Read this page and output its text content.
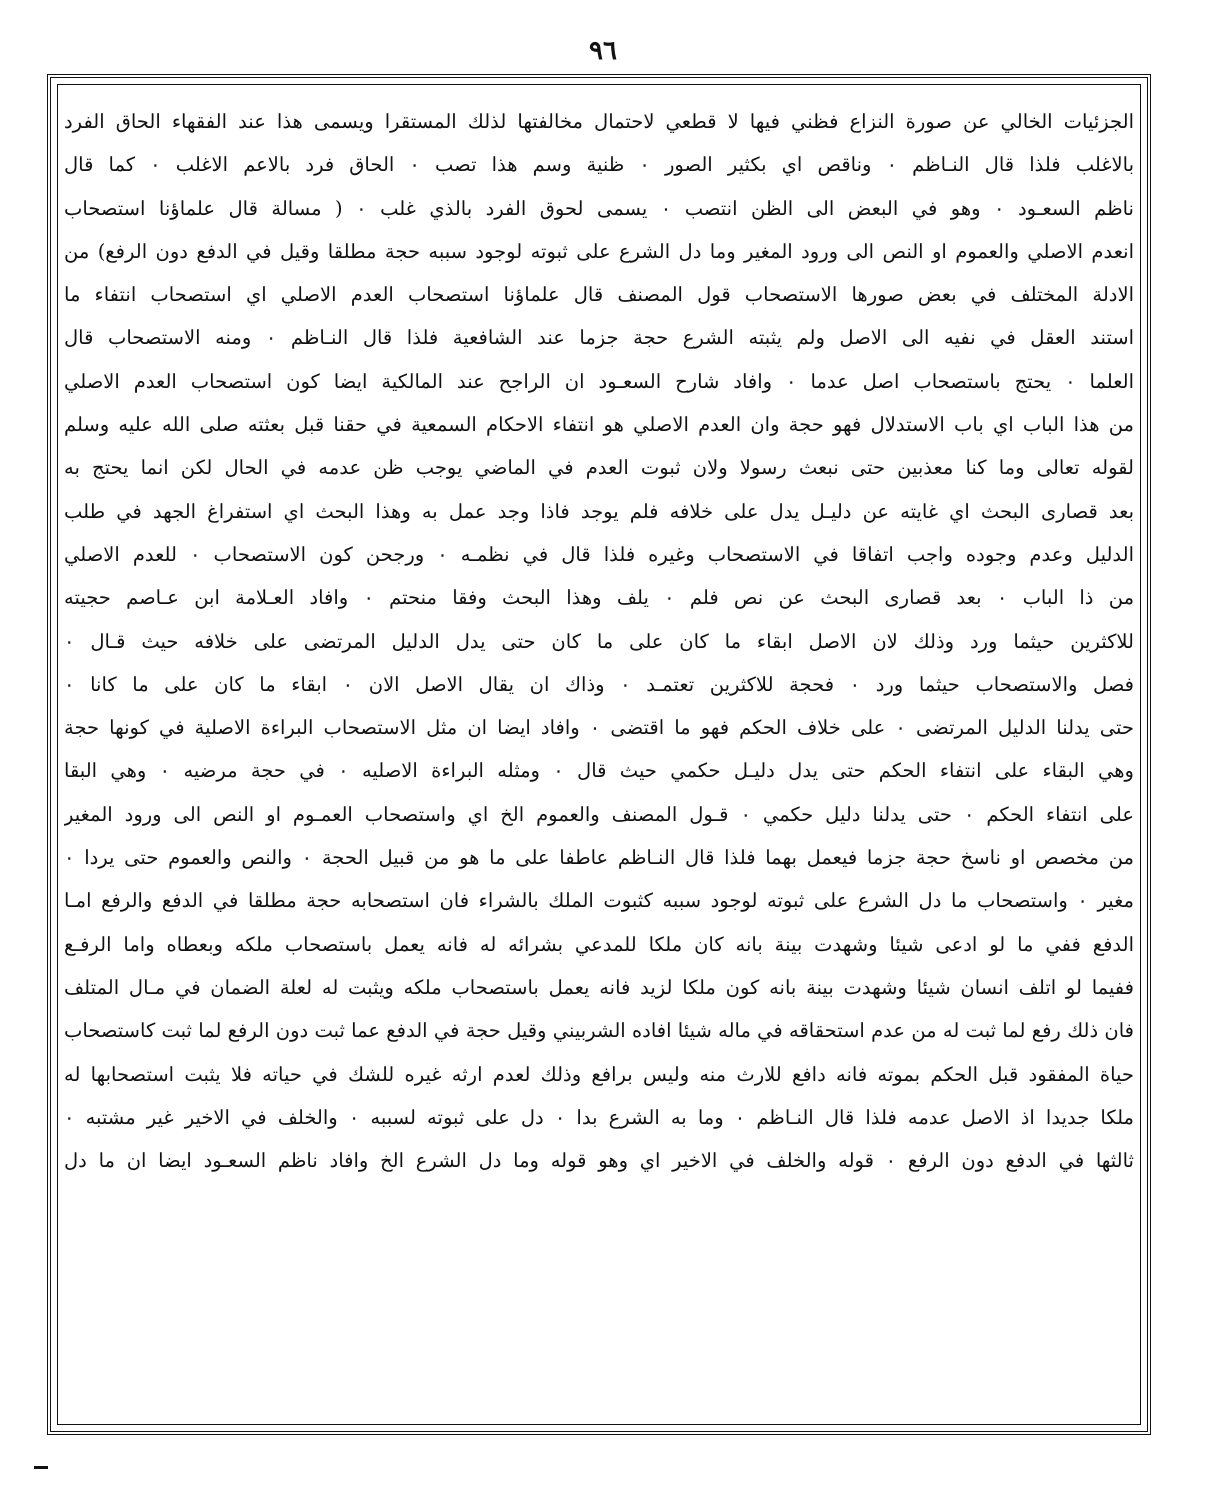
٩٦
الجزئيات الخالي عن صورة النزاع فظني فيها لا قطعي لاحتمال مخالفتها لذلك المستقرا ويسمى هذا عند الفقهاء الحاق الفرد
بالاغلب فلذا قال النـاظم ٠ وناقص اي بكثير الصور ٠ ظنية وسم هذا تصب ٠ الحاق فرد بالاعم الاغلب ٠ كما قال
ناظم السعـود ٠ وهو في البعض الى الظن انتصب ٠ يسمى لحوق الفرد بالذي غلب ٠ ( مسالة قال علماؤنا استصحاب
انعدم الاصلي والعموم او النص الى ورود المغير وما دل الشرع على ثبوته لوجود سببه حجة مطلقا وقيل في الدفع دون الرفع) من
الادلة المختلف في بعض صورها الاستصحاب قول المصنف قال علماؤنا استصحاب العدم الاصلي اي استصحاب انتفاء ما
استند العقل في نفيه الى الاصل ولم يثبته الشرع حجة جزما عند الشافعية فلذا قال النـاظم ٠ ومنه الاستصحاب قال
العلما ٠ يحتج باستصحاب اصل عدما ٠ وافاد شارح السعـود ان الراجح عند المالكية ايضا كون استصحاب العدم الاصلي
من هذا الباب اي باب الاستدلال فهو حجة وان العدم الاصلي هو انتفاء الاحكام السمعية في حقنا قبل بعثته صلى الله عليه وسلم
لقوله تعالى وما كنا معذبين حتى نبعث رسولا ولان ثبوت العدم في الماضي يوجب ظن عدمه في الحال لكن انما يحتج به
بعد قصارى البحث اي غايته عن دليـل يدل على خلافه فلم يوجد فاذا وجد عمل به وهذا البحث اي استفراغ الجهد في طلب
الدليل وعدم وجوده واجب اتفاقا في الاستصحاب وغيره فلذا قال في نظمـه ٠ ورجحن كون الاستصحاب ٠ للعدم الاصلي
من ذا الباب ٠ بعد قصارى البحث عن نص فلم ٠ يلف وهذا البحث وفقا منحتم ٠ وافاد العـلامة ابن عـاصم حجيته
للاكثرين حيثما ورد وذلك لان الاصل ابقاء ما كان على ما كان حتى يدل الدليل المرتضى على خلافه حيث قـال ٠
فصل والاستصحاب حيثما ورد ٠ فحجة للاكثرين تعتمـد ٠ وذاك ان يقال الاصل الان ٠ ابقاء ما كان على ما كانا ٠
حتى يدلنا الدليل المرتضى ٠ على خلاف الحكم فهو ما اقتضى ٠ وافاد ايضا ان مثل الاستصحاب البراءة الاصلية في كونها حجة
وهي البقاء على انتفاء الحكم حتى يدل دليـل حكمي حيث قال ٠ ومثله البراءة الاصليه ٠ في حجة مرضيه ٠ وهي البقا
على انتفاء الحكم ٠ حتى يدلنا دليل حكمي ٠ قـول المصنف والعموم الخ اي واستصحاب العمـوم او النص الى ورود المغير
من مخصص او ناسخ حجة جزما فيعمل بهما فلذا قال النـاظم عاطفا على ما هو من قبيل الحجة ٠ والنص والعموم حتى يردا ٠
مغير ٠ واستصحاب ما دل الشرع على ثبوته لوجود سببه كثبوت الملك بالشراء فان استصحابه حجة مطلقا في الدفع والرفع امـا
الدفع ففي ما لو ادعى شيئا وشهدت بينة بانه كان ملكا للمدعي بشرائه له فانه يعمل باستصحاب ملكه وبعطاه واما الرفـع
ففيما لو اتلف انسان شيئا وشهدت بينة بانه كون ملكا لزيد فانه يعمل باستصحاب ملكه ويثبت له لعلة الضمان في مـال المتلف
فان ذلك رفع لما ثبت له من عدم استحقاقه في ماله شيئا افاده الشربيني وقيل حجة في الدفع عما ثبت دون الرفع لما ثبت كاستصحاب
حياة المفقود قبل الحكم بموته فانه دافع للارث منه وليس برافع وذلك لعدم ارثه غيره للشك في حياته فلا يثبت استصحابها له
ملكا جديدا اذ الاصل عدمه فلذا قال النـاظم ٠ وما به الشرع بدا ٠ دل على ثبوته لسببه ٠ والخلف في الاخير غير مشتبه ٠
ثالثها في الدفع دون الرفع ٠ قوله والخلف في الاخير اي وهو قوله وما دل الشرع الخ وافاد ناظم السعـود ايضا ان ما دل
